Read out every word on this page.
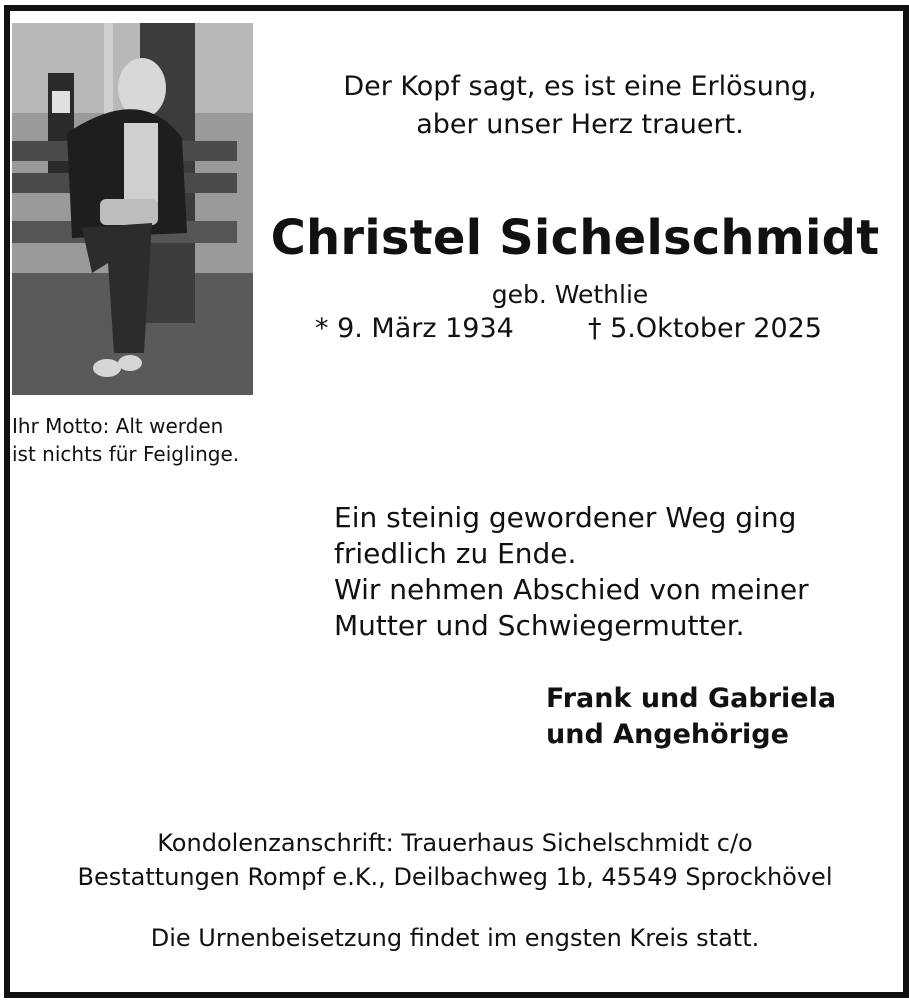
Ihr Motto: Alt werden
ist nichts für Feiglinge.
Der Kopf sagt, es ist eine Erlösung,
aber unser Herz trauert.
Christel Sichelschmidt
geb. Wethlie
* 9. März 1934	† 5.Oktober 2025
Ein steinig gewordener Weg ging
friedlich zu Ende.
Wir nehmen Abschied von meiner
Mutter und Schwiegermutter.
Frank und Gabriela
und Angehörige
Kondolenzanschrift: Trauerhaus Sichelschmidt c/o
Bestattungen Rompf e.K., Deilbachweg 1b, 45549 Sprockhövel
Die Urnenbeisetzung findet im engsten Kreis statt.
